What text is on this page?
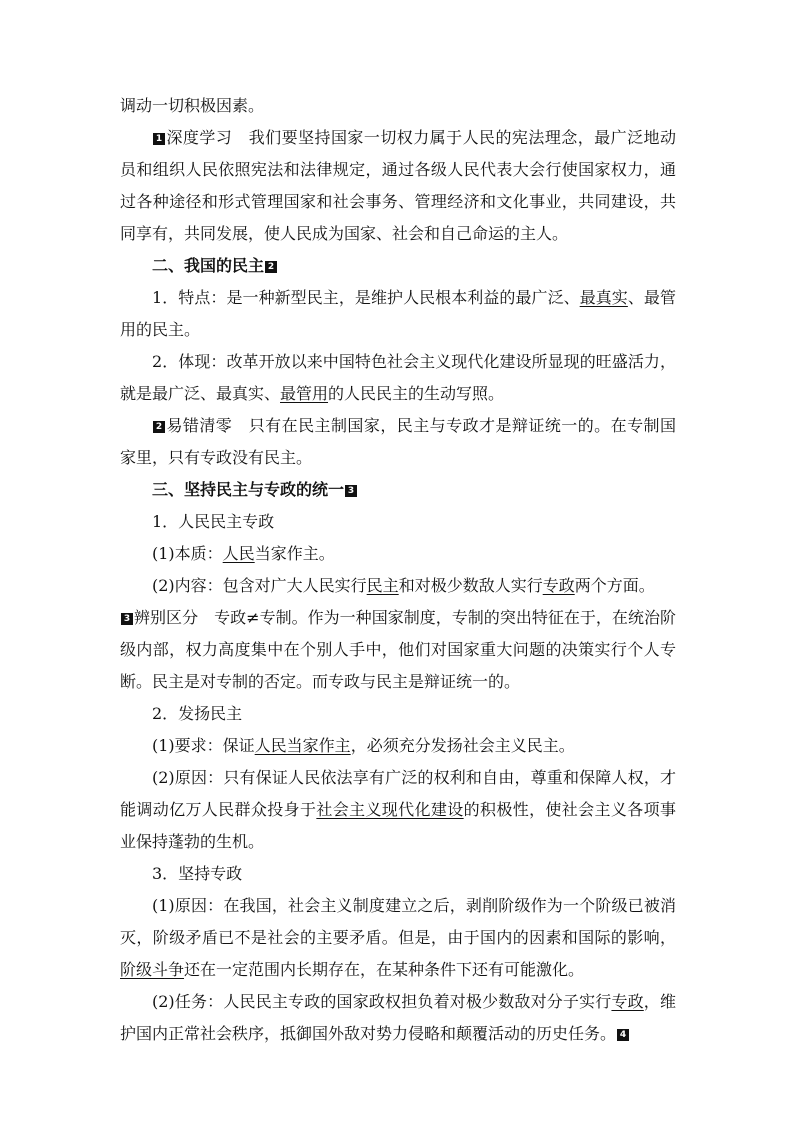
调动一切积极因素。

1 深度学习　 我们要坚持国家一切权力属于人民的宪法理念，最广泛地动员和组织人民依照宪法和法律规定，通过各级人民代表大会行使国家权力，通过各种途径和形式管理国家和社会事务、管理经济和文化事业，共同建设，共同享有，共同发展，使人民成为国家、社会和自己命运的主人。

二、我国的民主 2

1．特点：是一种新型民主，是维护人民根本利益的最广泛、最真实、最管用的民主。

2．体现：改革开放以来中国特色社会主义现代化建设所显现的旺盛活力，就是最广泛、最真实、最管用的人民民主的生动写照。

2 易错清零　 只有在民主制国家，民主与专政才是辩证统一的。在专制国家里，只有专政没有民主。

三、坚持民主与专政的统一 3

1．人民民主专政

(1)本质：人民当家作主。

(2)内容：包含对广大人民实行民主和对极少数敌人实行专政两个方面。

3 辨别区分　 专政≠专制。作为一种国家制度，专制的突出特征在于，在统治阶级内部，权力高度集中在个别人手中，他们对国家重大问题的决策实行个人专断。民主是对专制的否定。而专政与民主是辩证统一的。

2．发扬民主

(1)要求：保证人民当家作主，必须充分发扬社会主义民主。

(2)原因：只有保证人民依法享有广泛的权利和自由，尊重和保障人权，才能调动亿万人民群众投身于社会主义现代化建设的积极性，使社会主义各项事业保持蓬勃的生机。

3．坚持专政

(1)原因：在我国，社会主义制度建立之后，剥削阶级作为一个阶级已被消灭，阶级矛盾已不是社会的主要矛盾。但是，由于国内的因素和国际的影响，阶级斗争还在一定范围内长期存在，在某种条件下还有可能激化。

(2)任务：人民民主专政的国家政权担负着对极少数敌对分子实行专政，维护国内正常社会秩序，抵御国外敌对势力侵略和颠覆活动的历史任务。 4
